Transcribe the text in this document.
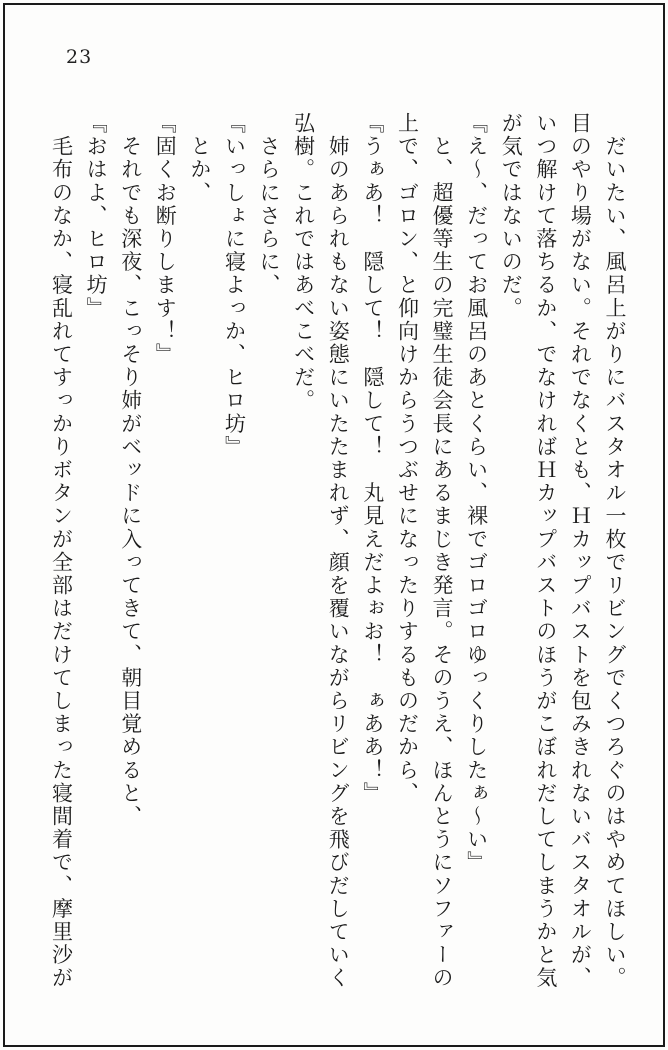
23

　だいたい、風呂上がりにバスタオル一枚でリビングでくつろぐのはやめてほしい。目のやり場がない。それでなくとも、Ｈカップバストを包みきれないバスタオルが、いつ解けて落ちるか、でなければＨカップバストのほうがこぼれだしてしまうかと気が気ではないのだ。

『え～、だってお風呂のあとくらい、裸でゴロゴロゆっくりしたぁ～い』

　と、超優等生の完璧生徒会長にあるまじき発言。そのうえ、ほんとうにソファーの上で、ゴロン、と仰向けからうつぶせになったりするものだから、

『うぁあ！　隠して！　隠して！　丸見えだよぉお！　ぁああ！』

　姉のあられもない姿態にいたたまれず、顔を覆いながらリビングを飛びだしていく弘樹。これではあべこべだ。

　さらにさらに、

『いっしょに寝よっか、ヒロ坊』

　とか、

『固くお断りします！』

　それでも深夜、こっそり姉がベッドに入ってきて、朝目覚めると、

『おはよ、ヒロ坊』

　毛布のなか、寝乱れてすっかりボタンが全部はだけてしまった寝間着で、摩里沙が
